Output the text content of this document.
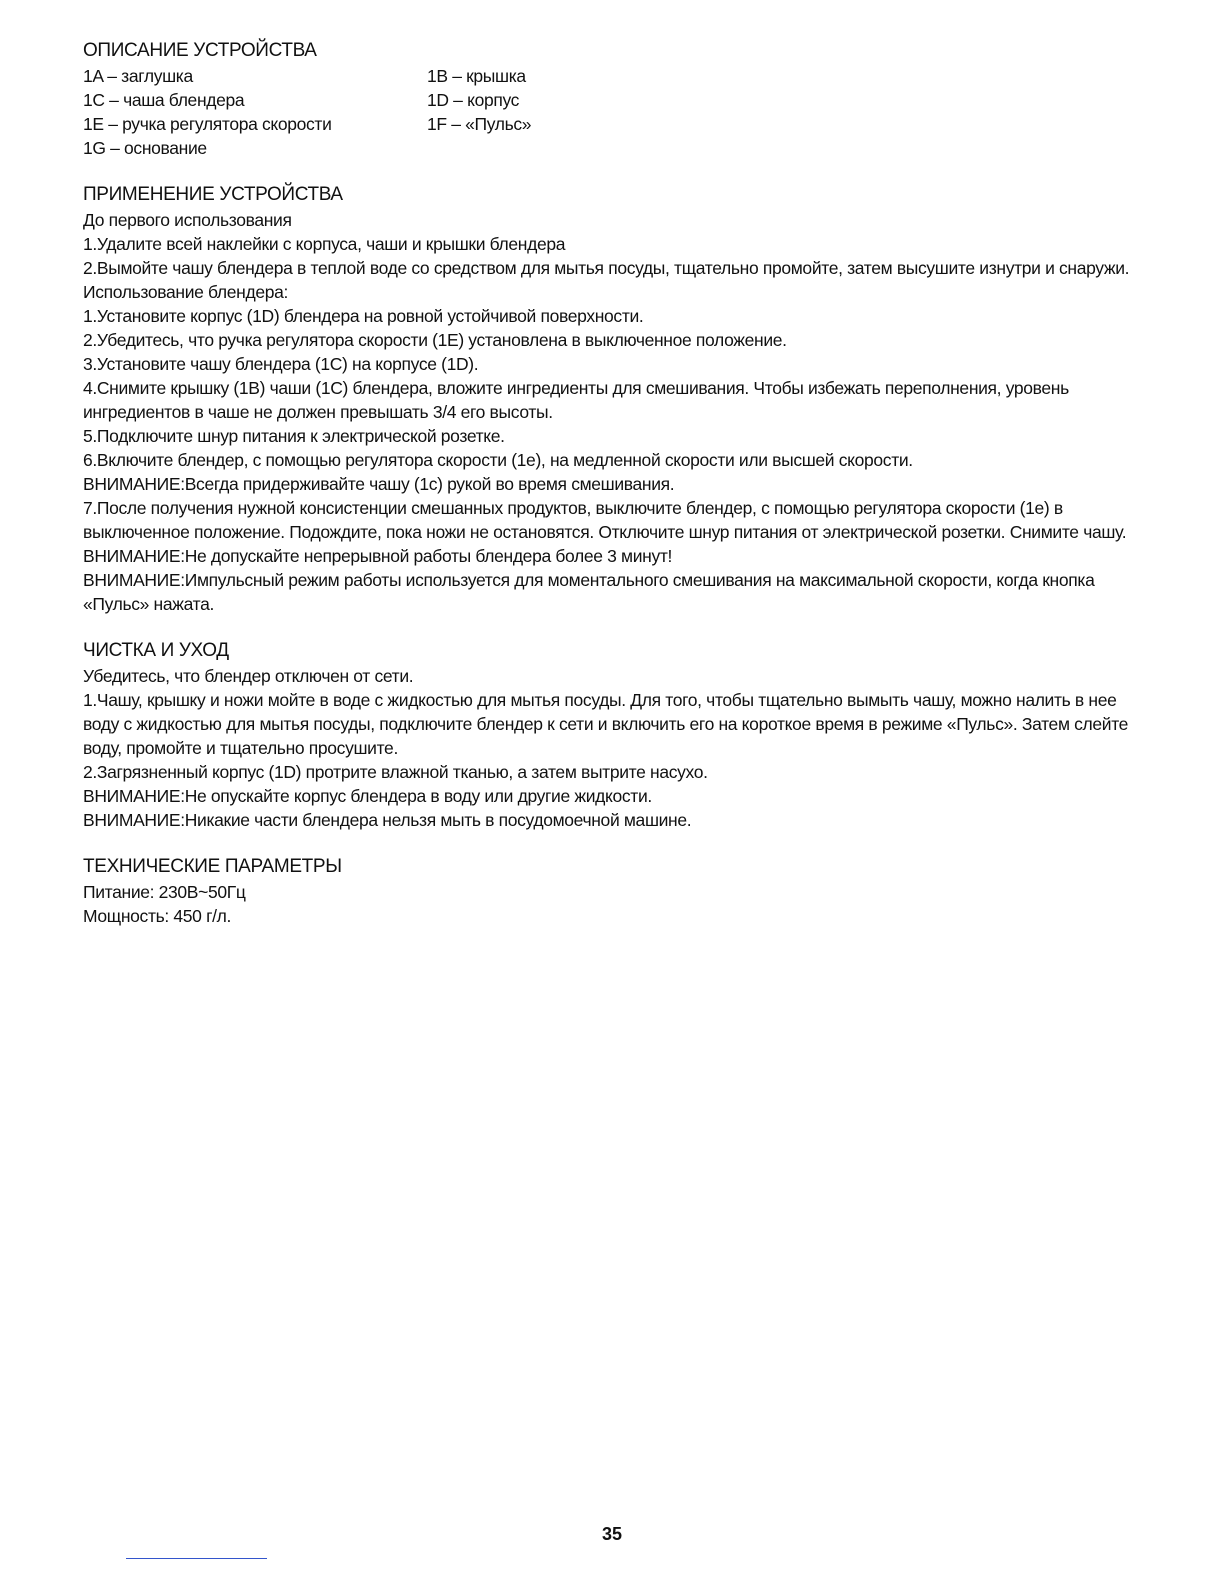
ОПИСАНИЕ УСТРОЙСТВА

1A – заглушка	1B – крышка

1C – чаша блендера	1D – корпус

1E – ручка регулятора скорости	1F – «Пульс»

1G – основание

ПРИМЕНЕНИЕ УСТРОЙСТВА

До первого использования

1.Удалите всей наклейки с корпуса, чаши и крышки блендера

2.Вымойте чашу блендера в теплой воде со средством для мытья посуды, тщательно промойте, затем высушите изнутри и снаружи.

Использование блендера:

1.Установите корпус (1D) блендера на ровной устойчивой поверхности.

2.Убедитесь, что ручка регулятора скорости (1E) установлена в выключенное положение.

3.Установите чашу блендера (1C) на корпусе (1D).

4.Снимите крышку (1B) чаши (1C) блендера, вложите ингредиенты для смешивания. Чтобы избежать переполнения, уровень ингредиентов в чаше не должен превышать 3/4 его высоты.

5.Подключите шнур питания к электрической розетке.

6.Включите блендер, с помощью регулятора скорости (1e), на медленной скорости или высшей скорости.

ВНИМАНИЕ:Всегда придерживайте чашу (1c) рукой во время смешивания.

7.После получения нужной консистенции смешанных продуктов, выключите блендер, с помощью регулятора скорости (1e) в выключенное положение. Подождите, пока ножи не остановятся. Отключите шнур питания от электрической розетки. Снимите чашу.

ВНИМАНИЕ:Не допускайте непрерывной работы блендера более 3 минут!

ВНИМАНИЕ:Импульсный режим работы используется для моментального смешивания на максимальной скорости, когда кнопка «Пульс» нажата.

ЧИСТКА И УХОД

Убедитесь, что блендер отключен от сети.

1.Чашу, крышку и ножи мойте в воде с жидкостью для мытья посуды. Для того, чтобы тщательно вымыть чашу, можно налить в нее воду с жидкостью для мытья посуды, подключите блендер к сети и включить его на короткое время в режиме «Пульс». Затем слейте воду, промойте и тщательно просушите.

2.Загрязненный корпус (1D) протрите влажной тканью, а затем вытрите насухо.

ВНИМАНИЕ:Не опускайте корпус блендера в воду или другие жидкости.

ВНИМАНИЕ:Никакие части блендера нельзя мыть в посудомоечной машине.

ТЕХНИЧЕСКИЕ ПАРАМЕТРЫ

Питание: 230В~50Гц

Мощность: 450 г/л.

35
